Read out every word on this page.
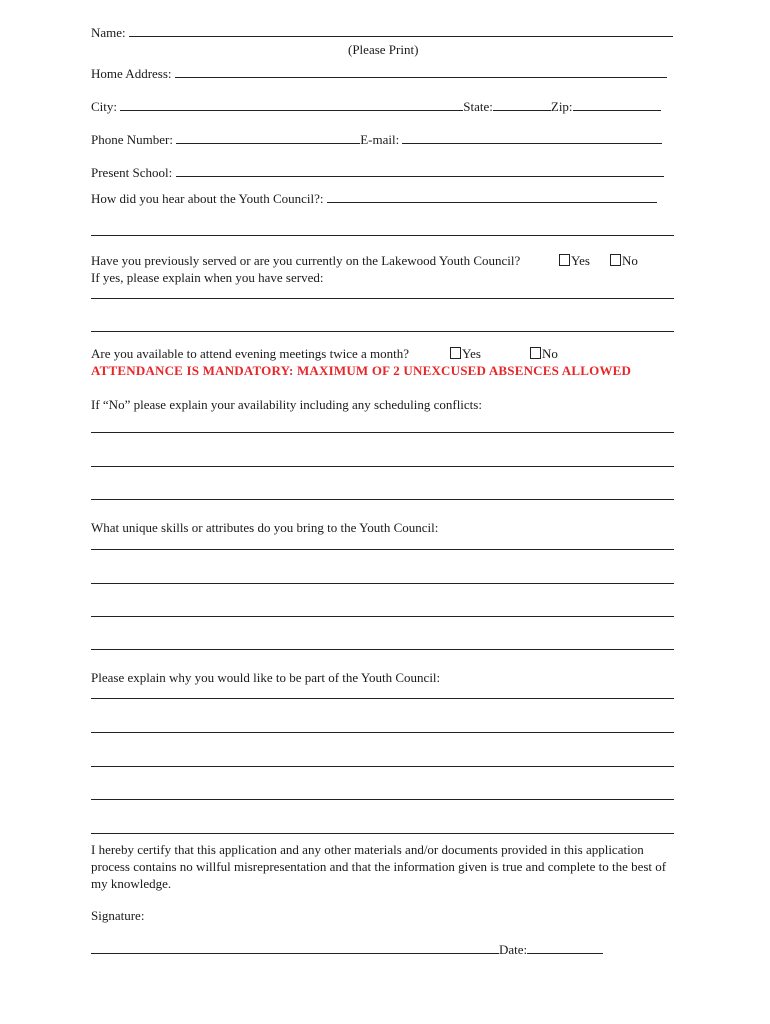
Name:
(Please Print)
Home Address:
City:	State:	Zip:
Phone Number:	E-mail:
Present School:
How did you hear about the Youth Council?:
Have you previously served or are you currently on the Lakewood Youth Council?	Yes	No
If yes, please explain when you have served:
Are you available to attend evening meetings twice a month?	Yes	No
ATTENDANCE IS MANDATORY: MAXIMUM OF 2 UNEXCUSED ABSENCES ALLOWED
If “No” please explain your availability including any scheduling conflicts:
What unique skills or attributes do you bring to the Youth Council:
Please explain why you would like to be part of the Youth Council:
I hereby certify that this application and any other materials and/or documents provided in this application process contains no willful misrepresentation and that the information given is true and complete to the best of my knowledge.
Signature:
Date:
